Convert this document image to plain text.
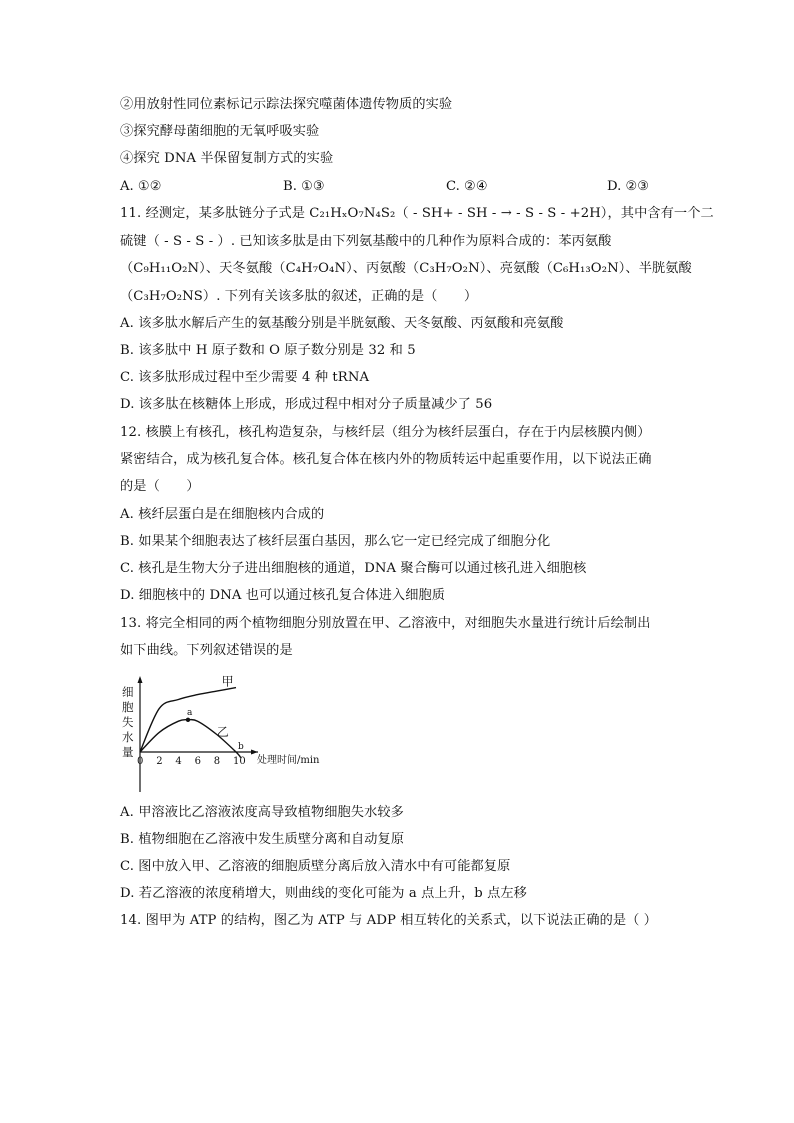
②用放射性同位素标记示踪法探究噬菌体遗传物质的实验
③探究酵母菌细胞的无氧呼吸实验
④探究 DNA 半保留复制方式的实验
A. ①②	B. ①③	C. ②④	D. ②③
11. 经测定，某多肽链分子式是 C₂₁HₓO₇N₄S₂（ - SH+ - SH - → - S - S - +2H），其中含有一个二
硫键（ - S - S - ）. 已知该多肽是由下列氨基酸中的几种作为原料合成的：苯丙氨酸
（C₉H₁₁O₂N）、天冬氨酸（C₄H₇O₄N）、丙氨酸（C₃H₇O₂N）、亮氨酸（C₆H₁₃O₂N）、半胱氨酸
（C₃H₇O₂NS）. 下列有关该多肽的叙述，正确的是（　　）
A. 该多肽水解后产生的氨基酸分别是半胱氨酸、天冬氨酸、丙氨酸和亮氨酸
B. 该多肽中 H 原子数和 O 原子数分别是 32 和 5
C. 该多肽形成过程中至少需要 4 种 tRNA
D. 该多肽在核糖体上形成，形成过程中相对分子质量减少了 56
12. 核膜上有核孔，核孔构造复杂，与核纤层（组分为核纤层蛋白，存在于内层核膜内侧）
紧密结合，成为核孔复合体。核孔复合体在核内外的物质转运中起重要作用，以下说法正确
的是（　　）
A. 核纤层蛋白是在细胞核内合成的
B. 如果某个细胞表达了核纤层蛋白基因，那么它一定已经完成了细胞分化
C. 核孔是生物大分子进出细胞核的通道，DNA 聚合酶可以通过核孔进入细胞核
D. 细胞核中的 DNA 也可以通过核孔复合体进入细胞质
13. 将完全相同的两个植物细胞分别放置在甲、乙溶液中，对细胞失水量进行统计后绘制出
如下曲线。下列叙述错误的是
细胞失水量
处理时间/min
0 2 4 6 8 10
甲
乙
a
b
A. 甲溶液比乙溶液浓度高导致植物细胞失水较多
B. 植物细胞在乙溶液中发生质壁分离和自动复原
C. 图中放入甲、乙溶液的细胞质壁分离后放入清水中有可能都复原
D. 若乙溶液的浓度稍增大，则曲线的变化可能为 a 点上升，b 点左移
14. 图甲为 ATP 的结构，图乙为 ATP 与 ADP 相互转化的关系式，以下说法正确的是（ ）
